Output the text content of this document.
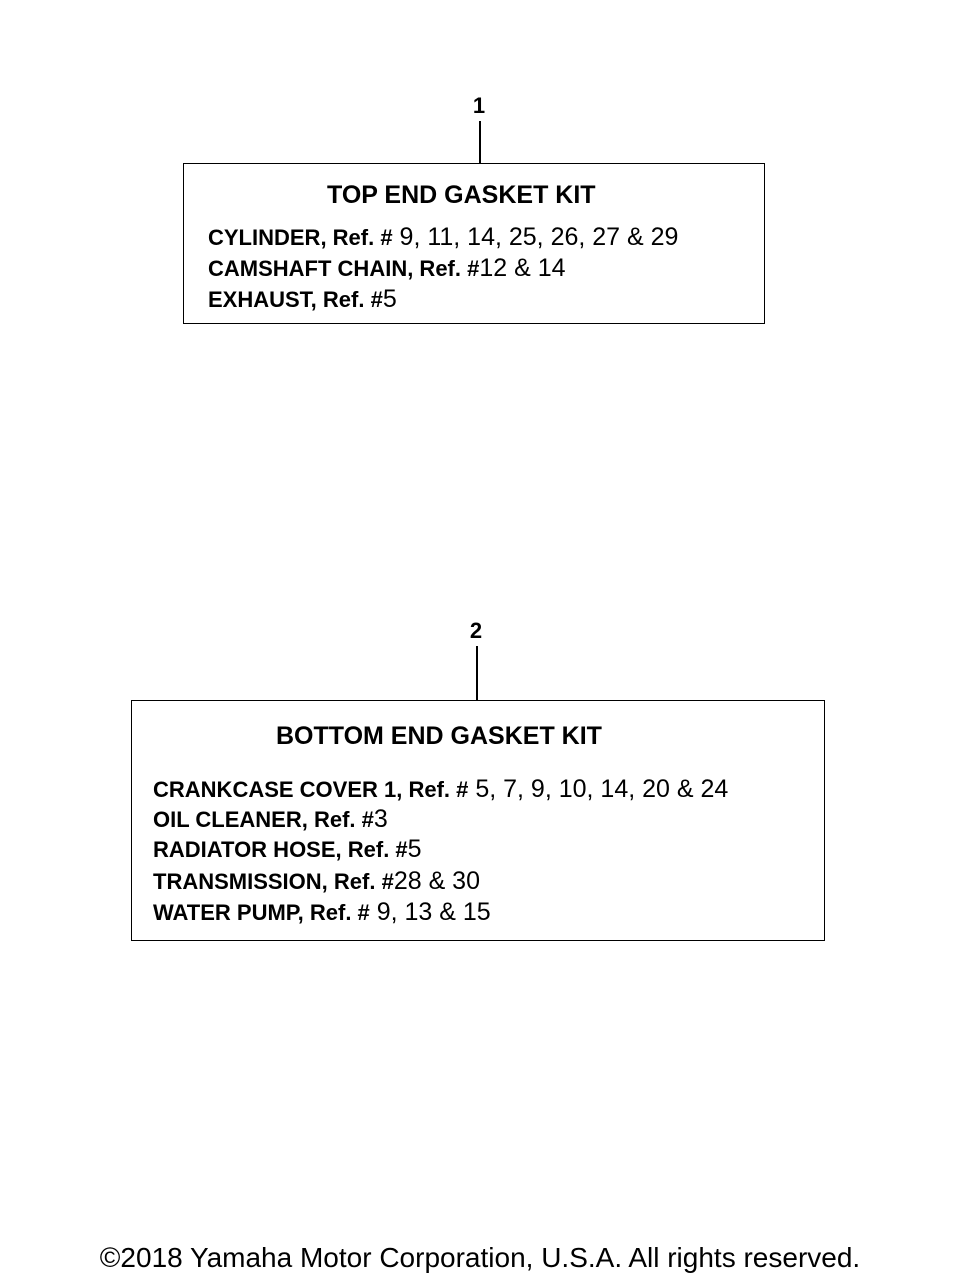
1
TOP END GASKET KIT
CYLINDER, Ref. # 9, 11, 14, 25, 26, 27 & 29
CAMSHAFT CHAIN, Ref. #12 & 14
EXHAUST, Ref. #5
2
BOTTOM END GASKET KIT
CRANKCASE COVER 1, Ref. # 5, 7, 9, 10, 14, 20 & 24
OIL CLEANER, Ref. #3
RADIATOR HOSE, Ref. #5
TRANSMISSION, Ref. #28 & 30
WATER PUMP, Ref. # 9, 13 & 15
©2018 Yamaha Motor Corporation, U.S.A. All rights reserved.
